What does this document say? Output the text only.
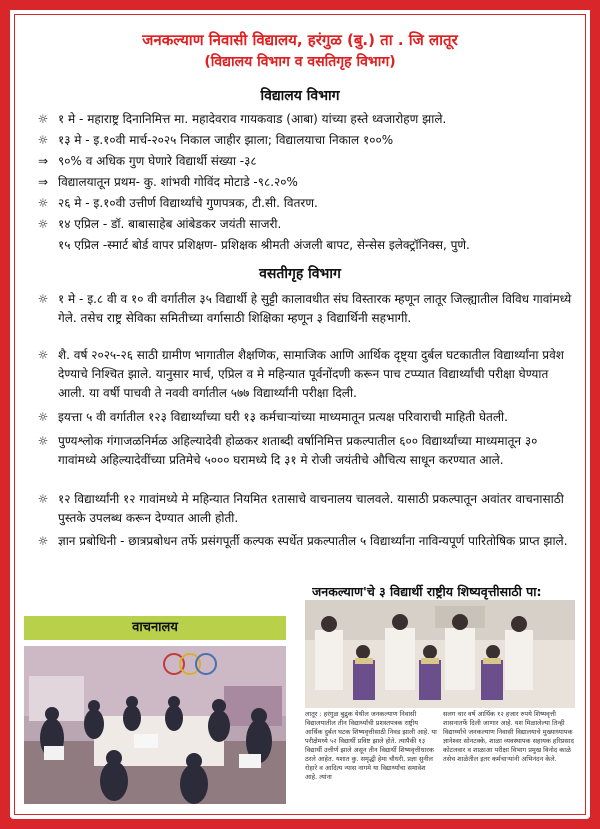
✦	✦
✦	✦
जनकल्याण निवासी विद्यालय, हरंगुळ (बु.) ता . जि लातूर
(विद्यालय विभाग व वसतिगृह विभाग)
विद्यालय विभाग
☼ १ मे - महाराष्ट्र दिनानिमित्त मा. महादेवराव गायकवाड (आबा) यांच्या हस्ते ध्वजारोहण झाले.
☼ १३ मे - इ.१०वी मार्च-२०२५ निकाल जाहीर झाला; विद्यालयाचा निकाल १००%
⇒ ९०% व अधिक गुण घेणारे विद्यार्थी संख्या -३८
⇒ विद्यालयातून प्रथम- कु. शांभवी गोविंद मोटाडे -९८.२०%
☼ २६ मे - इ.१०वी उत्तीर्ण विद्यार्थ्यांचे गुणपत्रक, टी.सी. वितरण.
☼ १४ एप्रिल - डॉ. बाबासाहेब आंबेडकर जयंती साजरी.
१५ एप्रिल -स्मार्ट बोर्ड वापर प्रशिक्षण- प्रशिक्षक श्रीमती अंजली बापट, सेन्सेस इलेक्ट्रॉनिक्स, पुणे.
वसतीगृह विभाग
☼ १ मे - इ.८ वी व १० वी वर्गातील ३५ विद्यार्थी हे सुट्टी कालावधीत संघ विस्तारक म्हणून लातूर जिल्ह्यातील विविध गावांमध्ये गेले. तसेच राष्ट्र सेविका समितीच्या वर्गासाठी शिक्षिका म्हणून ३ विद्यार्थिनी सहभागी.
☼ शै. वर्ष २०२५-२६ साठी ग्रामीण भागातील शैक्षणिक, सामाजिक आणि आर्थिक दृष्ट्या दुर्बल घटकातील विद्यार्थ्यांना प्रवेश देण्याचे निश्चित झाले. यानुसार मार्च, एप्रिल व मे महिन्यात पूर्वनोंदणी करून पाच टप्प्यात विद्यार्थ्यांची परीक्षा घेण्यात आली. या वर्षी पाचवी ते नववी वर्गातील ५७७ विद्यार्थ्यांनी परीक्षा दिली.
☼ इयत्ता ५ वी वर्गातील १२३ विद्यार्थ्यांच्या घरी १३ कर्मचाऱ्यांच्या माध्यमातून प्रत्यक्ष परिवाराची माहिती घेतली.
☼ पुण्यश्लोक गंगाजळनिर्मळ अहिल्यादेवी होळकर शताब्दी वर्षानिमित्त प्रकल्पातील ६०० विद्यार्थ्यांच्या माध्यमातून ३० गावांमध्ये अहिल्यादेवींच्या प्रतिमेचे ५००० घरामध्ये दि ३१ मे रोजी जयंतीचे औचित्य साधून करण्यात आले.
☼ १२ विद्यार्थ्यांनी १२ गावांमध्ये मे महिन्यात नियमित १तासाचे वाचनालय चालवले. यासाठी प्रकल्पातून अवांतर वाचनासाठी पुस्तके उपलब्ध करून देण्यात आली होती.
☼ ज्ञान प्रबोधिनी - छात्रप्रबोधन तर्फे प्रसंगपूर्ती कल्पक स्पर्धेत प्रकल्पातील ५ विद्यार्थ्यांना नाविन्यपूर्ण पारितोषिक प्राप्त झाले.
वाचनालय
जनकल्याण'चे ३ विद्यार्थी राष्ट्रीय शिष्यवृत्तीसाठी पा:
लातूर : हरंगुळ बुद्रुक येथील जनकल्याण निवासी विद्यालयातील तीन विद्यार्थ्यांची प्रशस्तपत्रक राष्ट्रीय आर्थिक दुर्बल घटक शिष्यवृत्तीसाठी निवड झाली आहे. या परीक्षेमध्ये ५२ विद्यार्थी प्रविष्ट झाले होते. त्यापैकी १३ विद्यार्थी उत्तीर्ण झाले असून तीन विद्यार्थी शिष्यवृत्तीधारक ठरले आहेत. यशात कु. समृद्धी हेमा चौधरी, प्रज्ञा सुनील रोहारे व आदित्य न्यास नागमे या विद्यार्थ्यांचा समावेश आहे. त्यांना
सलग चार वर्ष आर्थिक १२ हजार रुपये शिष्यवृत्ती शासनातर्फे दिली जाणार आहे. यश मिळालेल्या तिन्ही विद्यार्थ्यांचे जनकल्याण निवासी विद्यालयाचे मुख्याध्यापक ज्ञानेश्वर सोनटक्के, शाळा व्यवस्थापक सहायक हरिप्रसाद कोटलवार व शाळाआ परीक्षा विभाग प्रमुख विनोद काळे तसेच शाळेतील इतर कर्मचाऱ्यांनी अभिनंदन केले.
